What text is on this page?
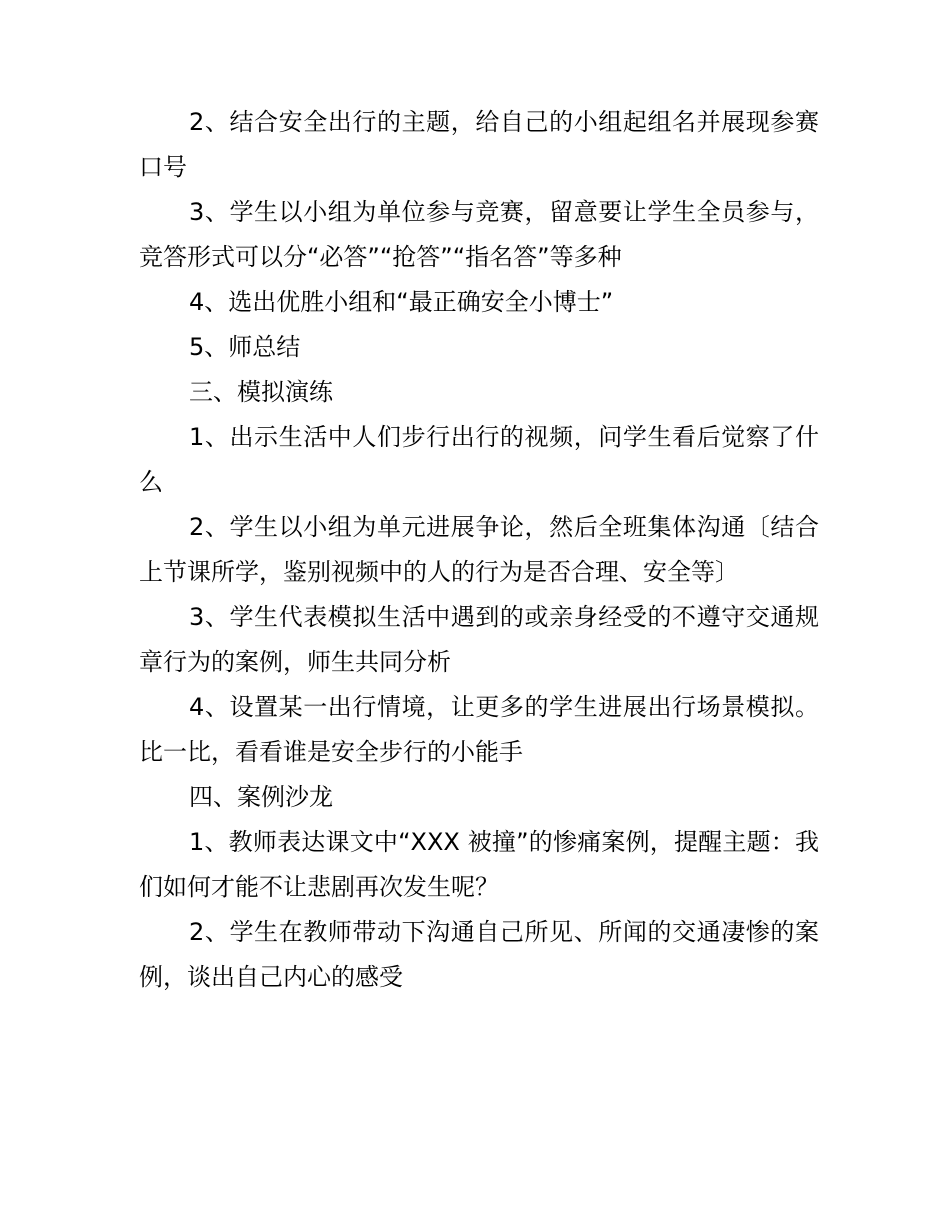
2、结合安全出行的主题，给自己的小组起组名并展现参赛口号

3、学生以小组为单位参与竞赛，留意要让学生全员参与，竞答形式可以分“必答”“抢答”“指名答”等多种

4、选出优胜小组和“最正确安全小博士”

5、师总结

三、模拟演练

1、出示生活中人们步行出行的视频，问学生看后觉察了什么

2、学生以小组为单元进展争论，然后全班集体沟通〔结合上节课所学，鉴别视频中的人的行为是否合理、安全等〕

3、学生代表模拟生活中遇到的或亲身经受的不遵守交通规章行为的案例，师生共同分析

4、设置某一出行情境，让更多的学生进展出行场景模拟。比一比，看看谁是安全步行的小能手

四、案例沙龙

1、教师表达课文中“XXX 被撞”的惨痛案例，提醒主题：我们如何才能不让悲剧再次发生呢？

2、学生在教师带动下沟通自己所见、所闻的交通凄惨的案例，谈出自己内心的感受
